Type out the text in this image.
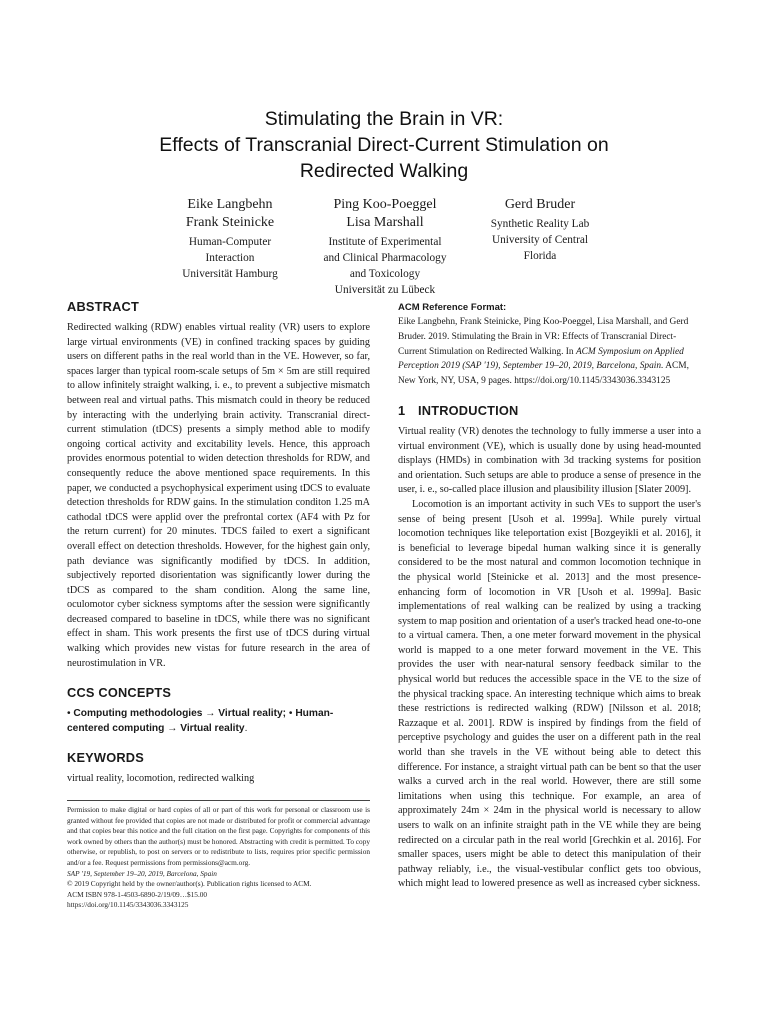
Stimulating the Brain in VR:
Effects of Transcranial Direct-Current Stimulation on
Redirected Walking
Eike Langbehn
Frank Steinicke
Human-Computer
Interaction
Universität Hamburg
Ping Koo-Poeggel
Lisa Marshall
Institute of Experimental
and Clinical Pharmacology
and Toxicology
Universität zu Lübeck
Gerd Bruder
Synthetic Reality Lab
University of Central
Florida
ABSTRACT

Redirected walking (RDW) enables virtual reality (VR) users to explore large virtual environments (VE) in confined tracking spaces by guiding users on different paths in the real world than in the VE. However, so far, spaces larger than typical room-scale setups of 5m × 5m are still required to allow infinitely straight walking, i. e., to prevent a subjective mismatch between real and virtual paths. This mismatch could in theory be reduced by interacting with the underlying brain activity. Transcranial direct-current stimulation (tDCS) presents a simply method able to modify ongoing cortical activity and excitability levels. Hence, this approach provides enormous potential to widen detection thresholds for RDW, and consequently reduce the above mentioned space requirements. In this paper, we conducted a psychophysical experiment using tDCS to evaluate detection thresholds for RDW gains. In the stimulation conditon 1.25 mA cathodal tDCS were applid over the prefrontal cortex (AF4 with Pz for the return current) for 20 minutes. TDCS failed to exert a significant overall effect on detection thresholds. However, for the highest gain only, path deviance was significantly modified by tDCS. In addition, subjectively reported disorientation was significantly lower during the tDCS as compared to the sham condition. Along the same line, oculomotor cyber sickness symptoms after the session were significantly decreased compared to baseline in tDCS, while there was no significant effect in sham. This work presents the first use of tDCS during virtual walking which provides new vistas for future research in the area of neurostimulation in VR.

CCS CONCEPTS

• Computing methodologies → Virtual reality; • Human-centered computing → Virtual reality.

KEYWORDS

virtual reality, locomotion, redirected walking

Permission to make digital or hard copies of all or part of this work for personal or classroom use is granted without fee provided that copies are not made or distributed for profit or commercial advantage and that copies bear this notice and the full citation on the first page. Copyrights for components of this work owned by others than the author(s) must be honored. Abstracting with credit is permitted. To copy otherwise, or republish, to post on servers or to redistribute to lists, requires prior specific permission and/or a fee. Request permissions from permissions@acm.org.

SAP '19, September 19–20, 2019, Barcelona, Spain

© 2019 Copyright held by the owner/author(s). Publication rights licensed to ACM.

ACM ISBN 978-1-4503-6890-2/19/09…$15.00

https://doi.org/10.1145/3343036.3343125

ACM Reference Format:

Eike Langbehn, Frank Steinicke, Ping Koo-Poeggel, Lisa Marshall, and Gerd Bruder. 2019. Stimulating the Brain in VR: Effects of Transcranial Direct-Current Stimulation on Redirected Walking. In ACM Symposium on Applied Perception 2019 (SAP '19), September 19–20, 2019, Barcelona, Spain. ACM, New York, NY, USA, 9 pages. https://doi.org/10.1145/3343036.3343125

1 INTRODUCTION

Virtual reality (VR) denotes the technology to fully immerse a user into a virtual environment (VE), which is usually done by using head-mounted displays (HMDs) in combination with 3d tracking systems for position and orientation. Such setups are able to produce a sense of presence in the user, i. e., so-called place illusion and plausibility illusion [Slater 2009].

Locomotion is an important activity in such VEs to support the user's sense of being present [Usoh et al. 1999a]. While purely virtual locomotion techniques like teleportation exist [Bozgeyikli et al. 2016], it is beneficial to leverage bipedal human walking since it is generally considered to be the most natural and common locomotion technique in the physical world [Steinicke et al. 2013] and the most presence-enhancing form of locomotion in VR [Usoh et al. 1999a]. Basic implementations of real walking can be realized by using a tracking system to map position and orientation of a user's tracked head one-to-one to a virtual camera. Then, a one meter forward movement in the physical world is mapped to a one meter forward movement in the VE. This provides the user with near-natural sensory feedback similar to the physical world but reduces the accessible space in the VE to the size of the physical tracking space. An interesting technique which aims to break these restrictions is redirected walking (RDW) [Nilsson et al. 2018; Razzaque et al. 2001]. RDW is inspired by findings from the field of perceptive psychology and guides the user on a different path in the real world than she travels in the VE without being able to detect this difference. For instance, a straight virtual path can be bent so that the user walks a curved arch in the real world. However, there are still some limitations when using this technique. For example, an area of approximately 24m × 24m in the physical world is necessary to allow users to walk on an infinite straight path in the VE while they are being redirected on a circular path in the real world [Grechkin et al. 2016]. For smaller spaces, users might be able to detect this manipulation of their pathway reliably, i.e., the visual-vestibular conflict gets too obvious, which might lead to lowered presence as well as increased cyber sickness.
